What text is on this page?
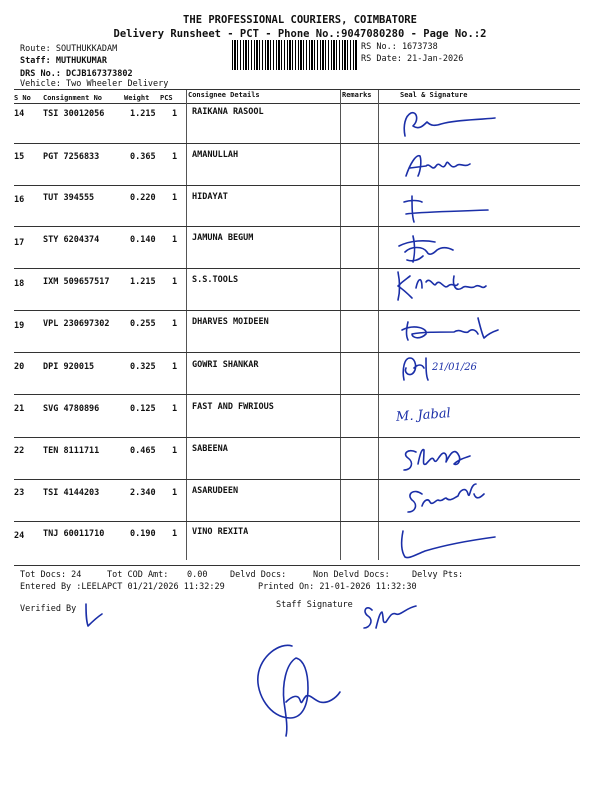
THE PROFESSIONAL COURIERS, COIMBATORE
Delivery Runsheet - PCT - Phone No.:9047080280 - Page No.:2
Route: SOUTHUKKADAM
Staff: MUTHUKUMAR
DRS No.: DCJB167373802
Vehicle: Two Wheeler Delivery
RS No.: 1673738
RS Date: 21-Jan-2026
S No Consignment No	Weight PCS Consignee Details	Remarks	Seal & Signature
14 TSI 30012056	1.215 1 RAIKANA RASOOL
15 PGT 7256833	0.365 1 AMANULLAH
16 TUT 394555	0.220 1 HIDAYAT
17 STY 6204374	0.140 1 JAMUNA BEGUM
18 IXM 509657517 1.215 1 S.S.TOOLS
19 VPL 230697302 0.255 1 DHARVES MOIDEEN
20 DPI 920015	0.325 1 GOWRI SHANKAR
21 SVG 4780896	0.125 1 FAST AND FWRIOUS
22 TEN 8111711	0.465 1 SABEENA
23 TSI 4144203	2.340 1 ASARUDEEN
24 TNJ 60011710	0.190 1 VINO REXITA
21/01/26
M. Jabal
Tot Docs: 24	Tot COD Amt: 0.00	Delvd Docs:	Non Delvd Docs:	Delvy Pts:
Entered By :LEELAPCT 01/21/2026 11:32:29	Printed On: 21-01-2026 11:32:30
Verified By	Staff Signature
